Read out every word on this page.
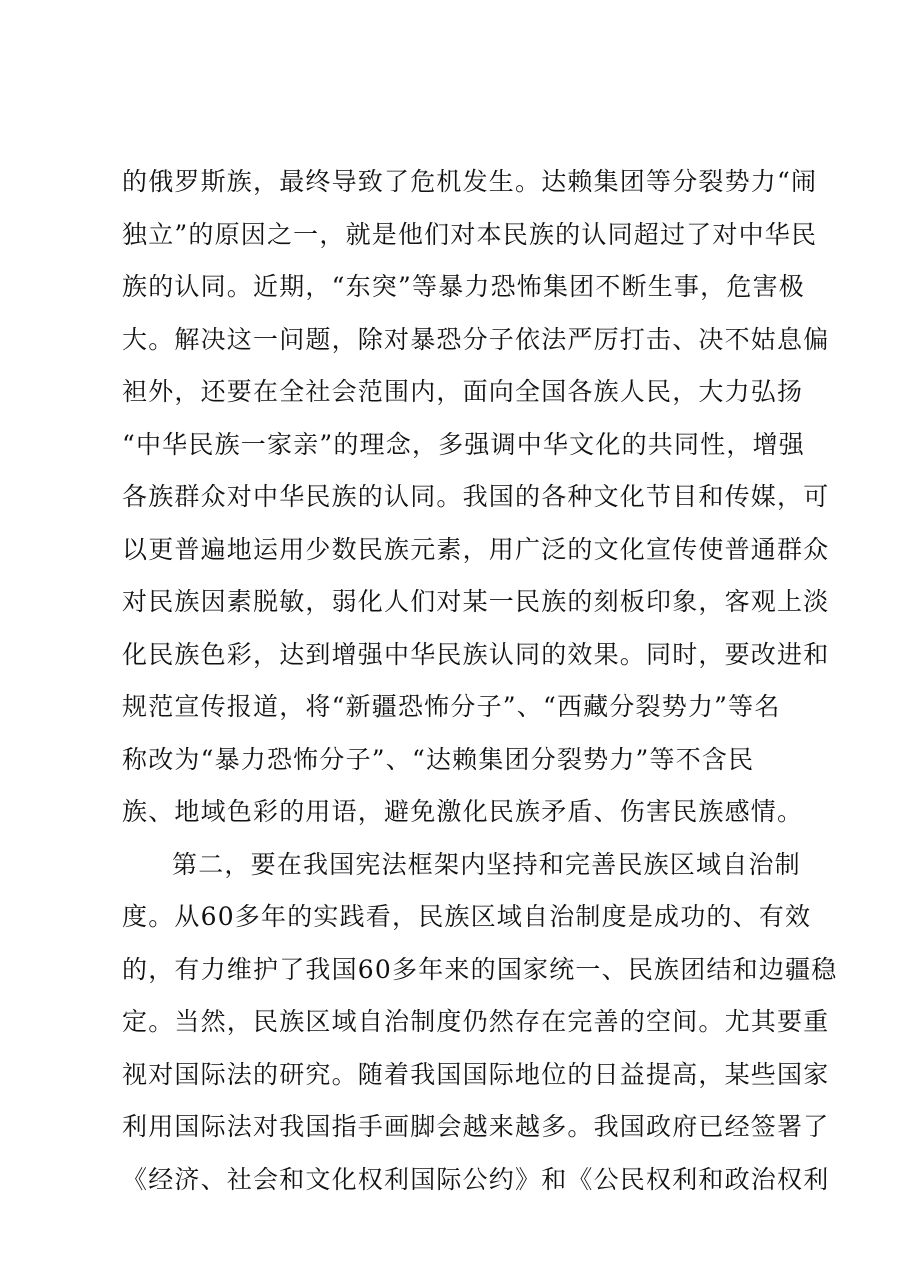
的俄罗斯族，最终导致了危机发生。达赖集团等分裂势力“闹
独立”的原因之一，就是他们对本民族的认同超过了对中华民
族的认同。近期，“东突”等暴力恐怖集团不断生事，危害极
大。解决这一问题，除对暴恐分子依法严厉打击、决不姑息偏
袒外，还要在全社会范围内，面向全国各族人民，大力弘扬
“中华民族一家亲”的理念，多强调中华文化的共同性，增强
各族群众对中华民族的认同。我国的各种文化节目和传媒，可
以更普遍地运用少数民族元素，用广泛的文化宣传使普通群众
对民族因素脱敏，弱化人们对某一民族的刻板印象，客观上淡
化民族色彩，达到增强中华民族认同的效果。同时，要改进和
规范宣传报道，将“新疆恐怖分子”、“西藏分裂势力”等名
称改为“暴力恐怖分子”、“达赖集团分裂势力”等不含民
族、地域色彩的用语，避免激化民族矛盾、伤害民族感情。
第二，要在我国宪法框架内坚持和完善民族区域自治制
度。从60多年的实践看，民族区域自治制度是成功的、有效
的，有力维护了我国60多年来的国家统一、民族团结和边疆稳
定。当然，民族区域自治制度仍然存在完善的空间。尤其要重
视对国际法的研究。随着我国国际地位的日益提高，某些国家
利用国际法对我国指手画脚会越来越多。我国政府已经签署了
《经济、社会和文化权利国际公约》和《公民权利和政治权利
